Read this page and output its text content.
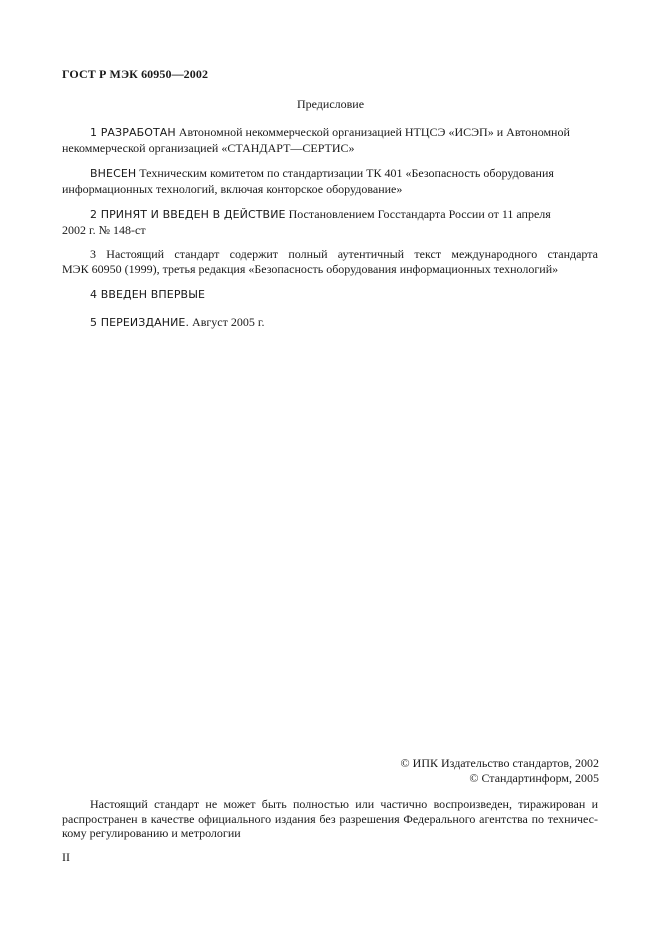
ГОСТ Р МЭК 60950—2002
Предисловие
1 РАЗРАБОТАН Автономной некоммерческой организацией НТЦСЭ «ИСЭП» и Автономной
некоммерческой организацией «СТАНДАРТ—СЕРТИС»
ВНЕСЕН Техническим комитетом по стандартизации ТК 401 «Безопасность оборудования
информационных технологий, включая конторское оборудование»
2 ПРИНЯТ И ВВЕДЕН В ДЕЙСТВИЕ Постановлением Госстандарта России от 11 апреля
2002 г. № 148-ст
3 Настоящий стандарт содержит полный аутентичный текст международного стандарта
МЭК 60950 (1999), третья редакция «Безопасность оборудования информационных технологий»
4 ВВЕДЕН ВПЕРВЫЕ
5 ПЕРЕИЗДАНИЕ. Август 2005 г.
© ИПК Издательство стандартов, 2002
© Стандартинформ, 2005
Настоящий стандарт не может быть полностью или частично воспроизведен, тиражирован и
распространен в качестве официального издания без разрешения Федерального агентства по техничес-
кому регулированию и метрологии
II
